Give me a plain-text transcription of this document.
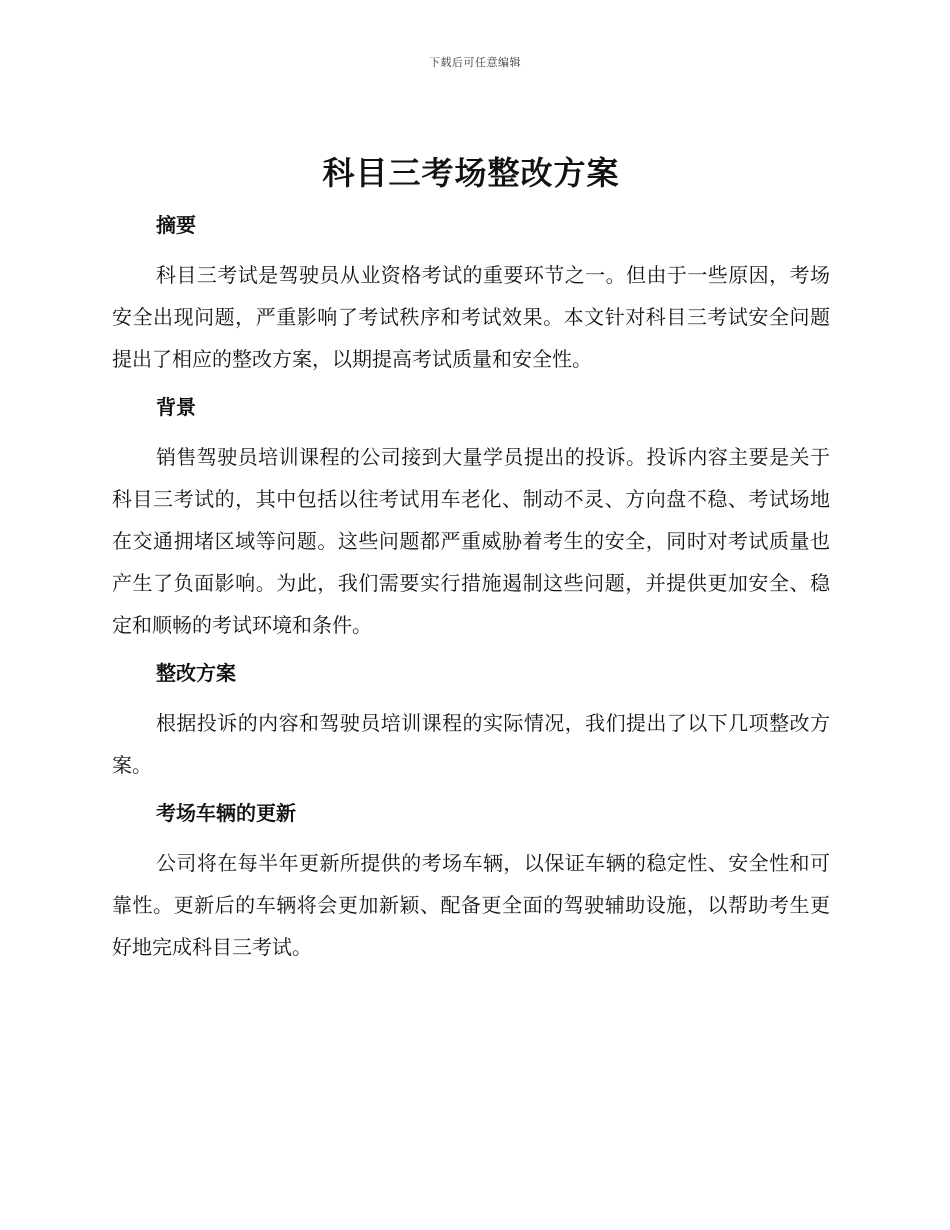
下载后可任意编辑
科目三考场整改方案
摘要

科目三考试是驾驶员从业资格考试的重要环节之一。但由于一些原因，考场安全出现问题，严重影响了考试秩序和考试效果。本文针对科目三考试安全问题提出了相应的整改方案，以期提高考试质量和安全性。

背景

销售驾驶员培训课程的公司接到大量学员提出的投诉。投诉内容主要是关于科目三考试的，其中包括以往考试用车老化、制动不灵、方向盘不稳、考试场地在交通拥堵区域等问题。这些问题都严重威胁着考生的安全，同时对考试质量也产生了负面影响。为此，我们需要实行措施遏制这些问题，并提供更加安全、稳定和顺畅的考试环境和条件。

整改方案

根据投诉的内容和驾驶员培训课程的实际情况，我们提出了以下几项整改方案。

考场车辆的更新

公司将在每半年更新所提供的考场车辆，以保证车辆的稳定性、安全性和可靠性。更新后的车辆将会更加新颖、配备更全面的驾驶辅助设施，以帮助考生更好地完成科目三考试。
